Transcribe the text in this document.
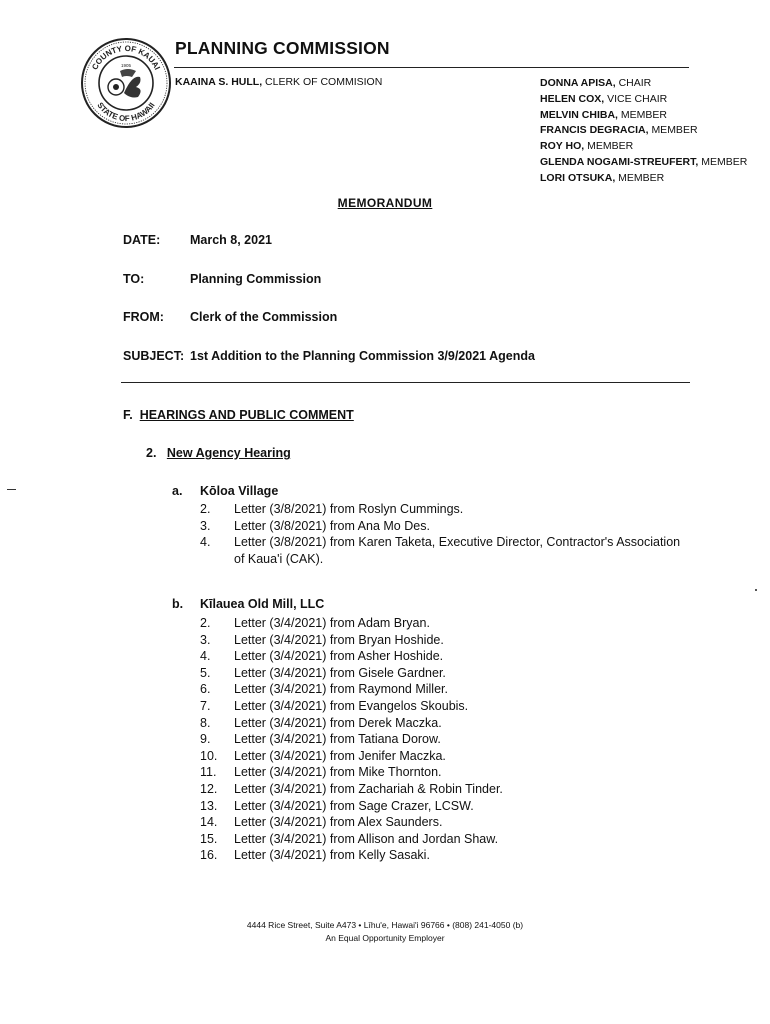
COUNTY OF KAUAI
STATE OF HAWAII
1905
PLANNING COMMISSION
KAAINA S. HULL, CLERK OF COMMISION	DONNA APISA, CHAIR
HELEN COX, VICE CHAIR
MELVIN CHIBA, MEMBER
FRANCIS DEGRACIA, MEMBER
ROY HO, MEMBER
GLENDA NOGAMI-STREUFERT, MEMBER
LORI OTSUKA, MEMBER
MEMORANDUM
DATE: March 8, 2021
TO:	Planning Commission
FROM: Clerk of the Commission
SUBJECT: 1st Addition to the Planning Commission 3/9/2021 Agenda
F. HEARINGS AND PUBLIC COMMENT
2. New Agency Hearing
a. Kōloa Village
2.	Letter (3/8/2021) from Roslyn Cummings.
3.	Letter (3/8/2021) from Ana Mo Des.
4.	Letter (3/8/2021) from Karen Taketa, Executive Director, Contractor's Association of Kaua'i (CAK).
b. Kīlauea Old Mill, LLC
2.	Letter (3/4/2021) from Adam Bryan.
3.	Letter (3/4/2021) from Bryan Hoshide.
4.	Letter (3/4/2021) from Asher Hoshide.
5.	Letter (3/4/2021) from Gisele Gardner.
6.	Letter (3/4/2021) from Raymond Miller.
7.	Letter (3/4/2021) from Evangelos Skoubis.
8.	Letter (3/4/2021) from Derek Maczka.
9.	Letter (3/4/2021) from Tatiana Dorow.
10.	Letter (3/4/2021) from Jenifer Maczka.
11.	Letter (3/4/2021) from Mike Thornton.
12.	Letter (3/4/2021) from Zachariah & Robin Tinder.
13.	Letter (3/4/2021) from Sage Crazer, LCSW.
14.	Letter (3/4/2021) from Alex Saunders.
15.	Letter (3/4/2021) from Allison and Jordan Shaw.
16.	Letter (3/4/2021) from Kelly Sasaki.
4444 Rice Street, Suite A473 • Līhu'e, Hawai'i 96766 • (808) 241-4050 (b)
An Equal Opportunity Employer
